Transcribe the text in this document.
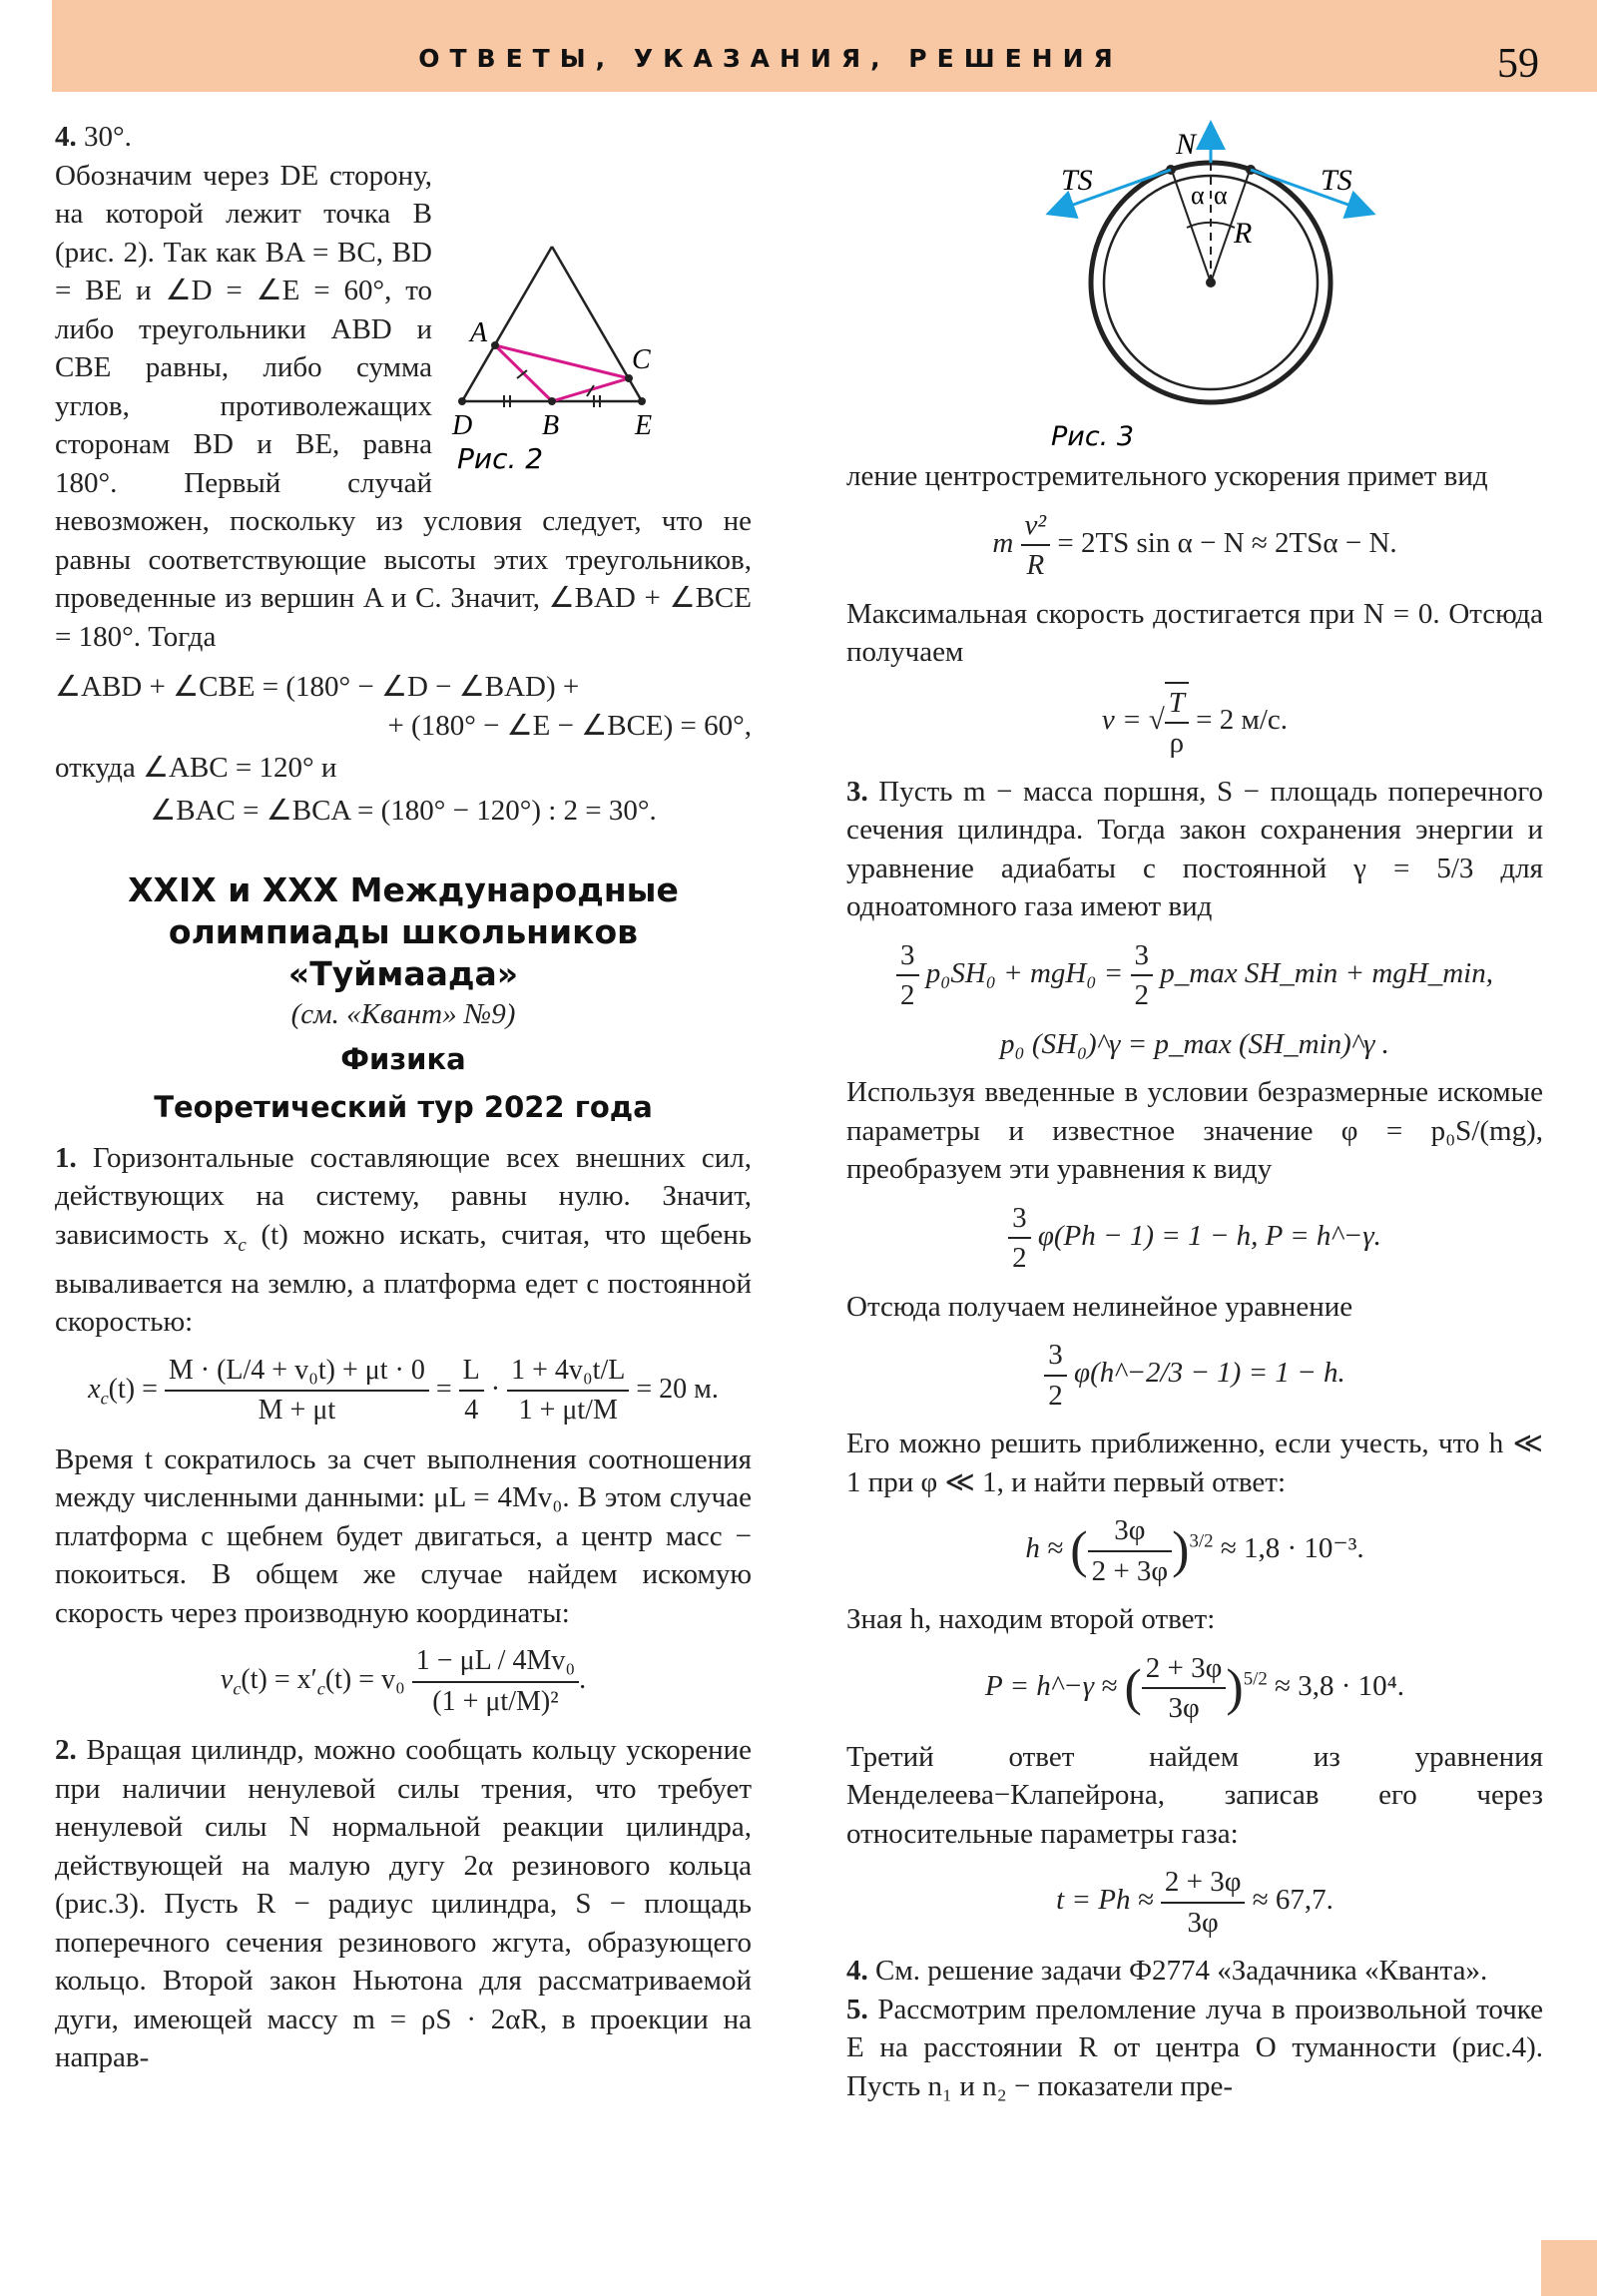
ОТВЕТЫ, УКАЗАНИЯ, РЕШЕНИЯ	59

4. 30°.

A
C
D B	E
Рис. 2

Обозначим через DE сторону, на которой лежит точка B (рис. 2). Так как BA = BC, BD = BE и ∠D = ∠E = 60°, то либо треугольники ABD и CBE равны, либо сумма углов, противолежащих сторонам BD и BE, равна 180°. Первый случай невозможен, поскольку из условия следует, что не равны соответствующие высоты этих треугольников, проведенные из вершин A и C. Значит, ∠BAD + ∠BCE = 180°. Тогда

∠ABD + ∠CBE = (180° − ∠D − ∠BAD) +

+ (180° − ∠E − ∠BCE) = 60°,

откуда ∠ABC = 120° и

∠BAC = ∠BCA = (180° − 120°) : 2 = 30°.

XXIX и XXX Международные
олимпиады школьников
«Туймаада»
(см. «Квант» №9)
Физика
Теоретический тур 2022 года

1. Горизонтальные составляющие всех внешних сил, действующих на систему, равны нулю. Значит, зависимость $x_c$ (t) можно искать, считая, что щебень вываливается на землю, а платформа едет с постоянной скоростью:

$x_c(t) = \frac{\text{M · (L/4 + v₀t) + μt · 0}}{M + \mu t} = \frac{L}{4} \cdot \frac{\text{1 + 4v₀t/L}}{1 + \mu t/M} = 20$ м.

Время t сократилось за счет выполнения соотношения между численными данными: μL = 4Mv₀. В этом случае платформа с щебнем будет двигаться, а центр масс − покоиться. В общем же случае найдем искомую скорость через производную координаты:

$v_c(t) = x'_c(t) = v_0 \frac{\text{1 − μL / 4Mv₀}}{\text{(1 + μt/M)²}}$ .

2. Вращая цилиндр, можно сообщать кольцу ускорение при наличии ненулевой силы трения, что требует ненулевой силы N нормальной реакции цилиндра, действующей на малую дугу 2α резинового кольца (рис.3). Пусть R − радиус цилиндра, S − площадь поперечного сечения резинового жгута, образующего кольцо. Второй закон Ньютона для рассматриваемой дуги, имеющей массу m = ρS · 2αR, в проекции на направ-

N
TS	TS
α α
R
Рис. 3

ление центростремительного ускорения примет вид

m $\frac{\text{v²}}{R} = 2TS$ sin α − N ≈ 2TSα − N.

Максимальная скорость достигается при N = 0. Отсюда получаем

v = √ $\frac{T}{\rho} = 2$ м/с.

3. Пусть m − масса поршня, S − площадь поперечного сечения цилиндра. Тогда закон сохранения энергии и уравнение адиабаты с постоянной γ = 5/3 для одноатомного газа имеют вид

$\frac{3}{2} p_0SH_0 + mgH_0 = \frac{3}{2}$ p_max SH_min + mgH_min,
p₀ (SH₀)^γ = p_max (SH_min)^γ .

Используя введенные в условии безразмерные искомые параметры и известное значение φ = p₀S/(mg), преобразуем эти уравнения к виду

$\frac{3}{2} \varphi(Ph - 1) = 1 - h$, P = h^−γ.

Отсюда получаем нелинейное уравнение

$\frac{3}{2}$ φ(h^−2/3 − 1) = 1 − h.

Его можно решить приближенно, если учесть, что h ≪ 1 при φ ≪ 1, и найти первый ответ:

h ≈ ( $\frac{3\varphi}{2 + 3\varphi} )^{3/2} \approx 1,8 \cdot 10^{-3}$.

Зная h, находим второй ответ:

P = h^−γ ≈ ( $\frac{2 + 3\varphi}{3\varphi} )^{5/2} \approx 3,8 \cdot 10^4$.

Третий ответ найдем из уравнения Менделеева−Клапейрона, записав его через относительные параметры газа:

$t = Ph \approx \frac{2 + 3\varphi}{3\varphi} \approx 67,7$.

4. См. решение задачи Ф2774 «Задачника «Кванта».

5. Рассмотрим преломление луча в произвольной точке E на расстоянии R от центра O туманности (рис.4). Пусть n₁ и n₂ − показатели пре-
